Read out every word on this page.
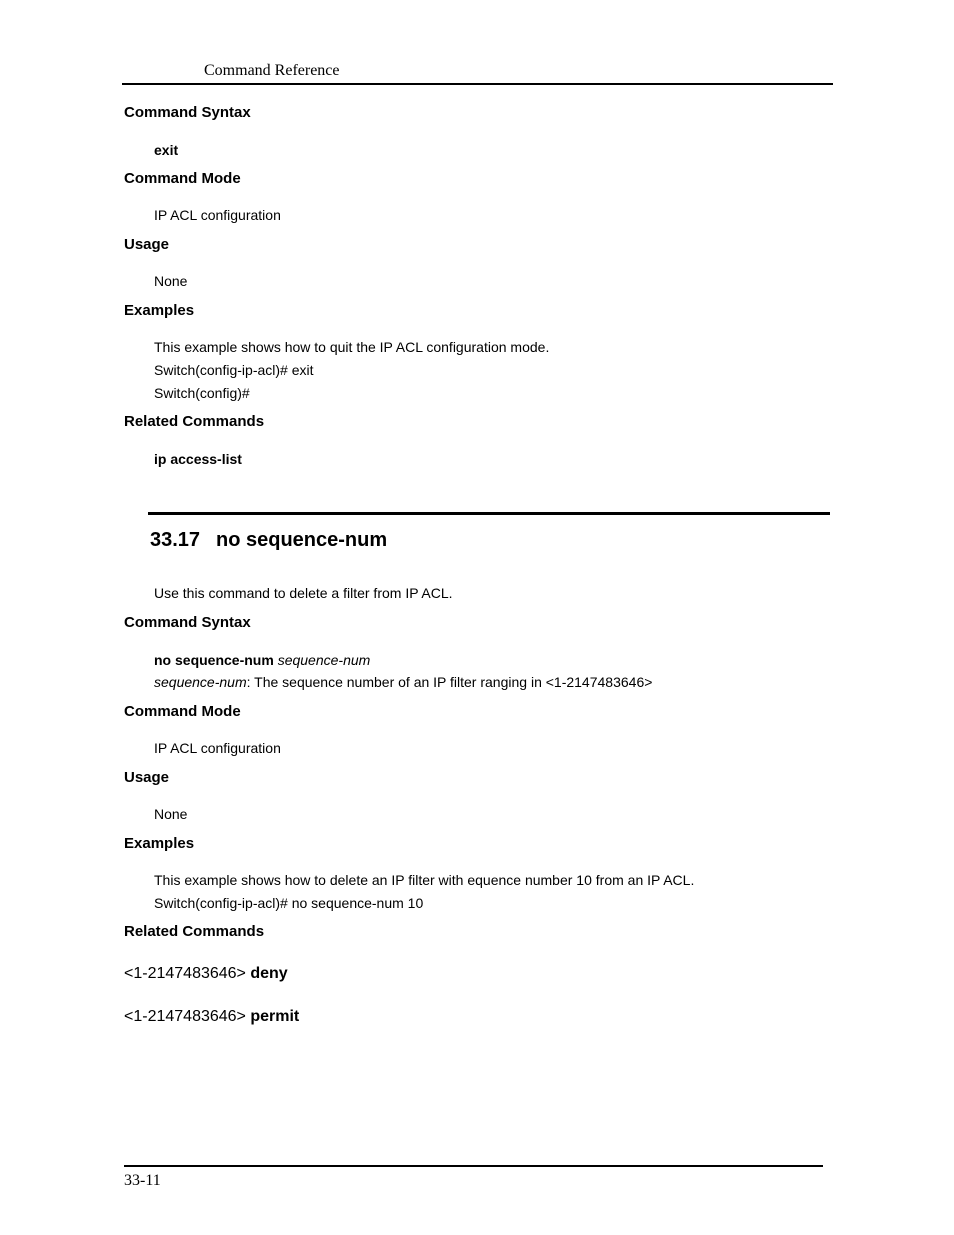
Command Reference
Command Syntax
exit
Command Mode
IP ACL configuration
Usage
None
Examples
This example shows how to quit the IP ACL configuration mode.
Switch(config-ip-acl)# exit
Switch(config)#
Related Commands
ip access-list
33.17 no sequence-num
Use this command to delete a filter from IP ACL.
Command Syntax
no sequence-num sequence-num
sequence-num: The sequence number of an IP filter ranging in <1-2147483646>
Command Mode
IP ACL configuration
Usage
None
Examples
This example shows how to delete an IP filter with equence number 10 from an IP ACL.
Switch(config-ip-acl)# no sequence-num 10
Related Commands
<1-2147483646> deny
<1-2147483646> permit
33-11
